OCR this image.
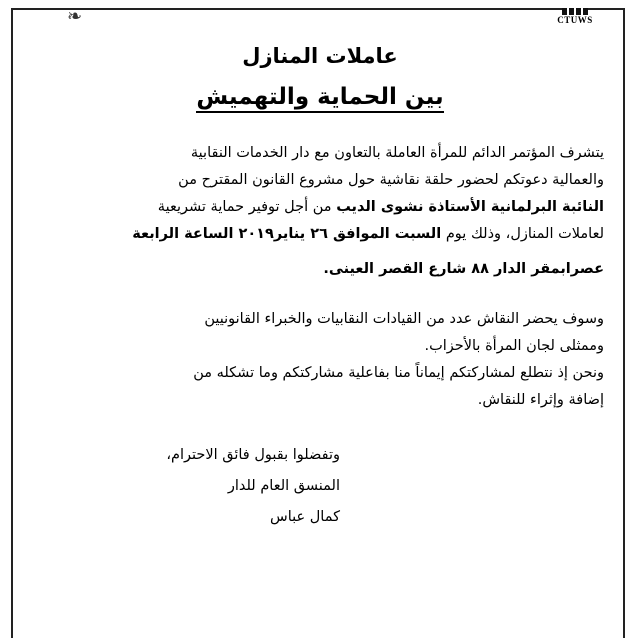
❧	CTUWS
عاملات المنازل
بين الحماية والتهميش
يتشرف المؤتمر الدائم للمرأة العاملة بالتعاون مع دار الخدمات النقابية
والعمالية دعوتكم لحضور حلقة نقاشية حول مشروع القانون المقترح من
النائبة البرلمانية الأستاذة نشوى الديب من أجل توفير حماية تشريعية
لعاملات المنازل، وذلك يوم السبت الموافق ٢٦ يناير٢٠١٩ الساعة الرابعة
عصرابمقر الدار ٨٨ شارع القصر العينى.
وسوف يحضر النقاش عدد من القيادات النقابيات والخبراء القانونيين
وممثلى لجان المرأة بالأحزاب.
ونحن إذ نتطلع لمشاركتكم إيماناً منا بفاعلية مشاركتكم وما تشكله من
إضافة وإثراء للنقاش.
وتفضلوا بقبول فائق الاحترام،
المنسق العام للدار
كمال عباس
